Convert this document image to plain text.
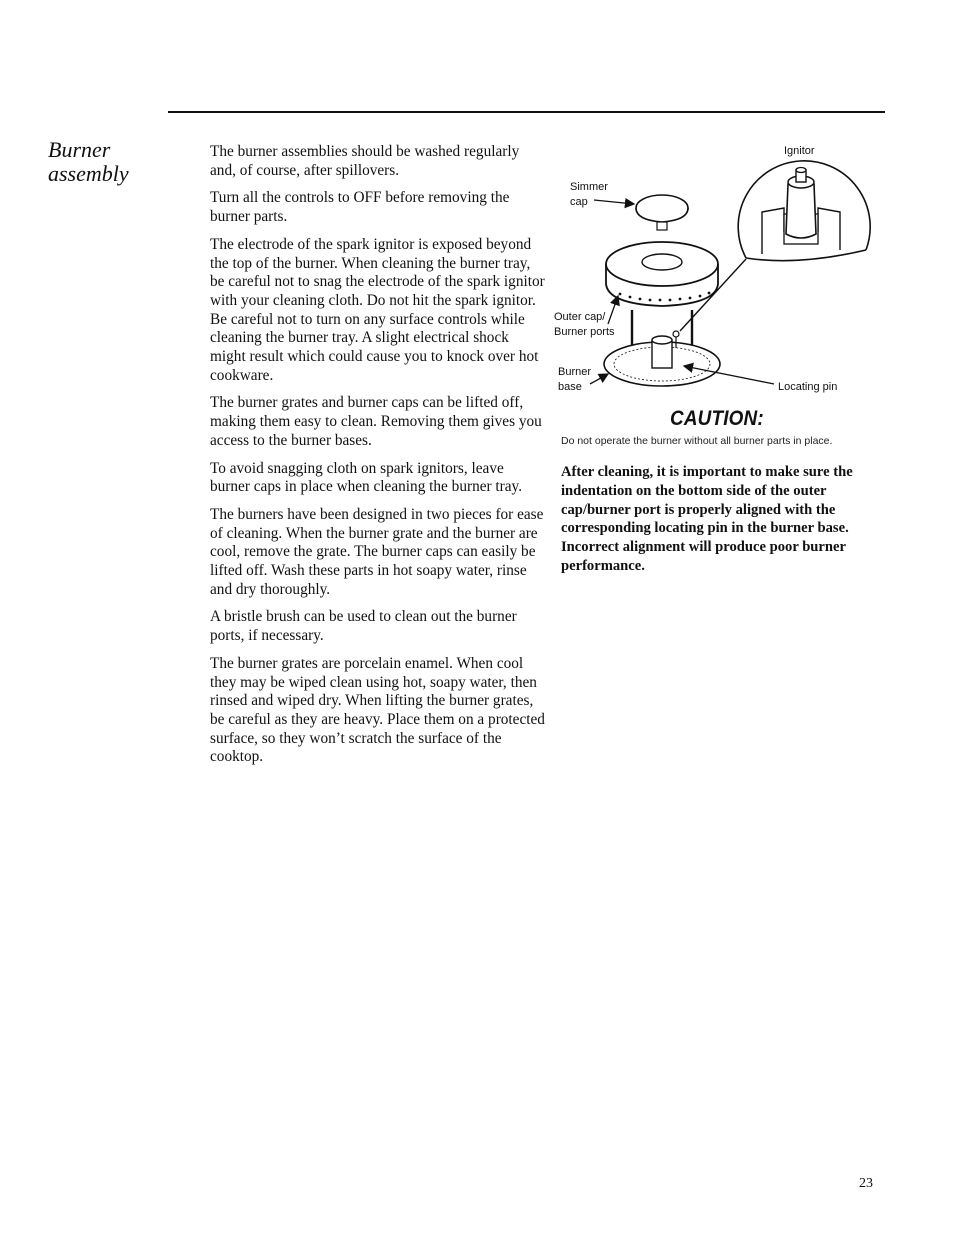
Burner assembly

The burner assemblies should be washed regularly and, of course, after spillovers.

Turn all the controls to OFF before removing the burner parts.

The electrode of the spark ignitor is exposed beyond the top of the burner. When cleaning the burner tray, be careful not to snag the electrode of the spark ignitor with your cleaning cloth. Do not hit the spark ignitor. Be careful not to turn on any surface controls while cleaning the burner tray. A slight electrical shock might result which could cause you to knock over hot cookware.

The burner grates and burner caps can be lifted off, making them easy to clean. Removing them gives you access to the burner bases.

To avoid snagging cloth on spark ignitors, leave burner caps in place when cleaning the burner tray.

The burners have been designed in two pieces for ease of cleaning. When the burner grate and the burner are cool, remove the grate. The burner caps can easily be lifted off. Wash these parts in hot soapy water, rinse and dry thoroughly.

A bristle brush can be used to clean out the burner ports, if necessary.

The burner grates are porcelain enamel. When cool they may be wiped clean using hot, soapy water, then rinsed and wiped dry. When lifting the burner grates, be careful as they are heavy. Place them on a protected surface, so they won’t scratch the surface of the cooktop.

Ignitor
Simmer
cap
Outer cap/
Burner ports
Burner
base	Locating pin
CAUTION:
Do not operate the burner without all burner parts in place.
After cleaning, it is important to make sure the indentation on the bottom side of the outer cap/burner port is properly aligned with the corresponding locating pin in the burner base. Incorrect alignment will produce poor burner performance.
23
